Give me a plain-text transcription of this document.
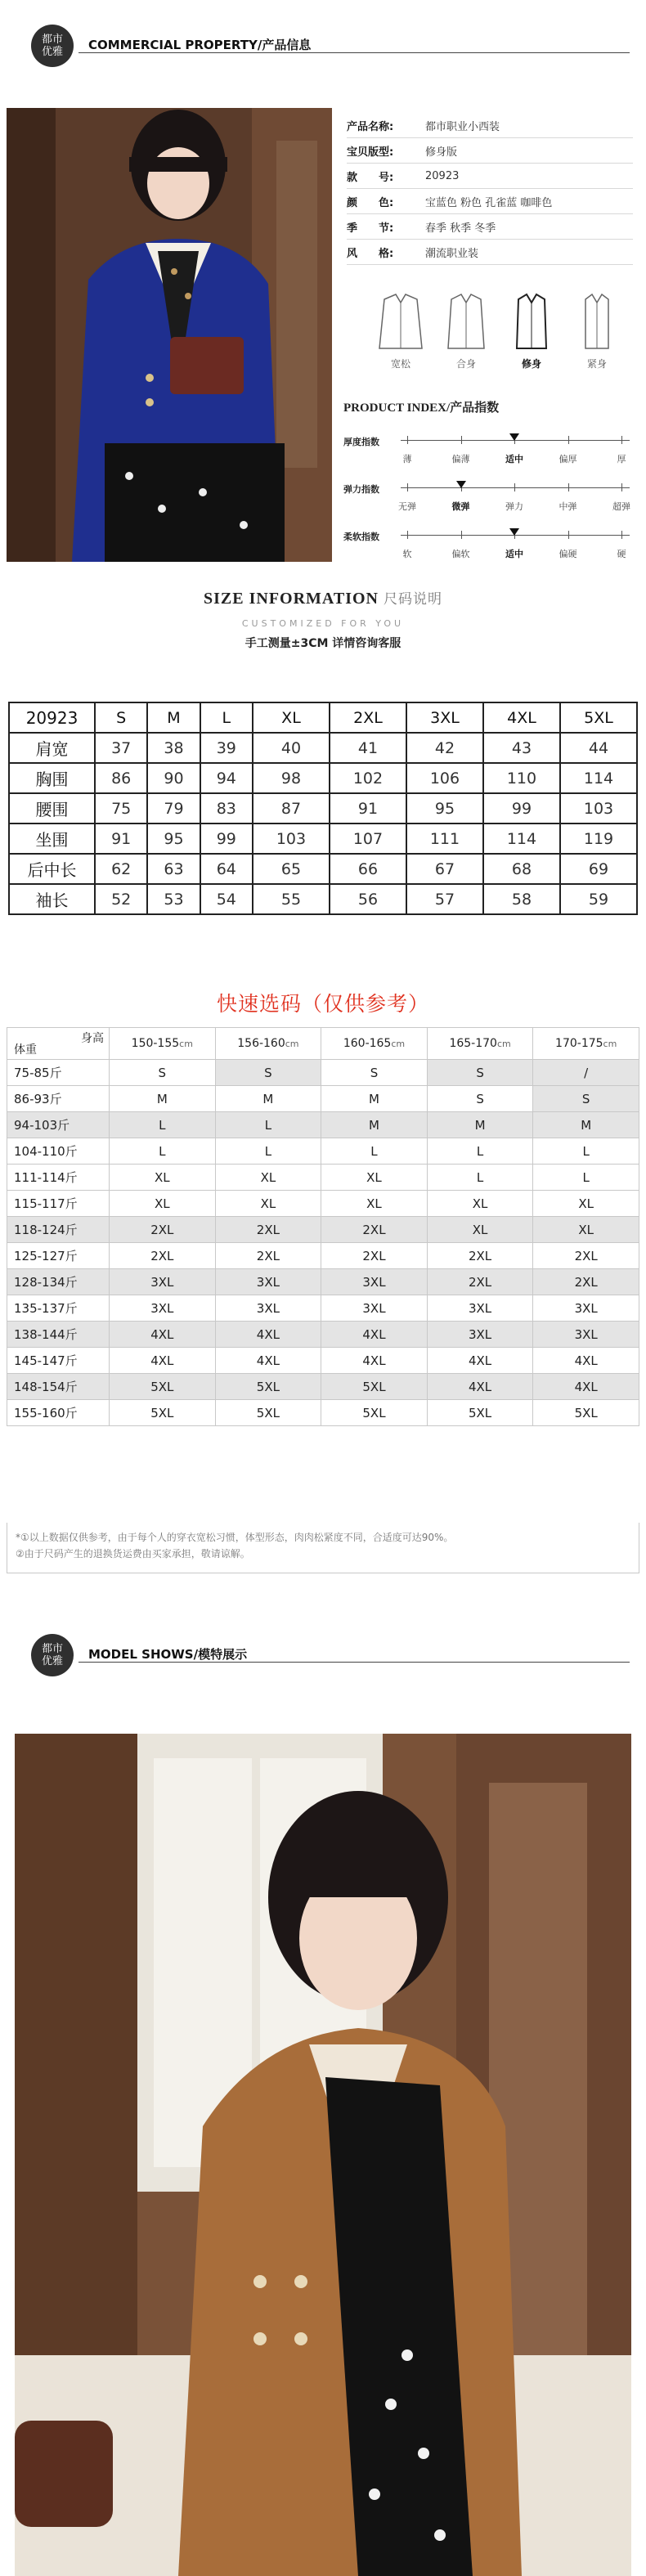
都市优雅 COMMERCIAL PROPERTY/产品信息
产品名称:	都市职业小西装
宝贝版型:	修身版
款　　号:	20923
颜　　色:	宝蓝色 粉色 孔雀蓝 咖啡色
季　　节:	春季 秋季 冬季
风　　格:	潮流职业装
宽松	合身	修身	紧身
PRODUCT INDEX/产品指数
厚度指数
薄	偏薄	适中	偏厚	厚
弹力指数
无弹	微弹	弹力	中弹	超弹
柔软指数
软	偏软	适中	偏硬	硬
SIZE INFORMATION 尺码说明
CUSTOMIZED FOR YOU
手工测量±3CM 详情咨询客服
20923	S	M	L	XL	2XL	3XL	4XL	5XL
肩宽	37	38	39	40	41	42	43	44
胸围	86	90	94	98	102	106	110	114
腰围	75	79	83	87	91	95	99	103
坐围	91	95	99	103	107	111	114	119
后中长	62	63	64	65	66	67	68	69
袖长	52	53	54	55	56	57	58	59
快速选码（仅供参考）
身高
体重	150-155cm	156-160cm	160-165cm	165-170cm	170-175cm
75-85斤	S	S	S	S	/
86-93斤	M	M	M	S	S
94-103斤	L	L	M	M	M
104-110斤	L	L	L	L	L
111-114斤	XL	XL	XL	L	L
115-117斤	XL	XL	XL	XL	XL
118-124斤	2XL	2XL	2XL	XL	XL
125-127斤	2XL	2XL	2XL	2XL	2XL
128-134斤	3XL	3XL	3XL	2XL	2XL
135-137斤	3XL	3XL	3XL	3XL	3XL
138-144斤	4XL	4XL	4XL	3XL	3XL
145-147斤	4XL	4XL	4XL	4XL	4XL
148-154斤	5XL	5XL	5XL	4XL	4XL
155-160斤	5XL	5XL	5XL	5XL	5XL
*①以上数据仅供参考，由于每个人的穿衣宽松习惯，体型形态，肉肉松紧度不同，合适度可达90%。
②由于尺码产生的退换货运费由买家承担，敬请谅解。
都市优雅 MODEL SHOWS/模特展示
